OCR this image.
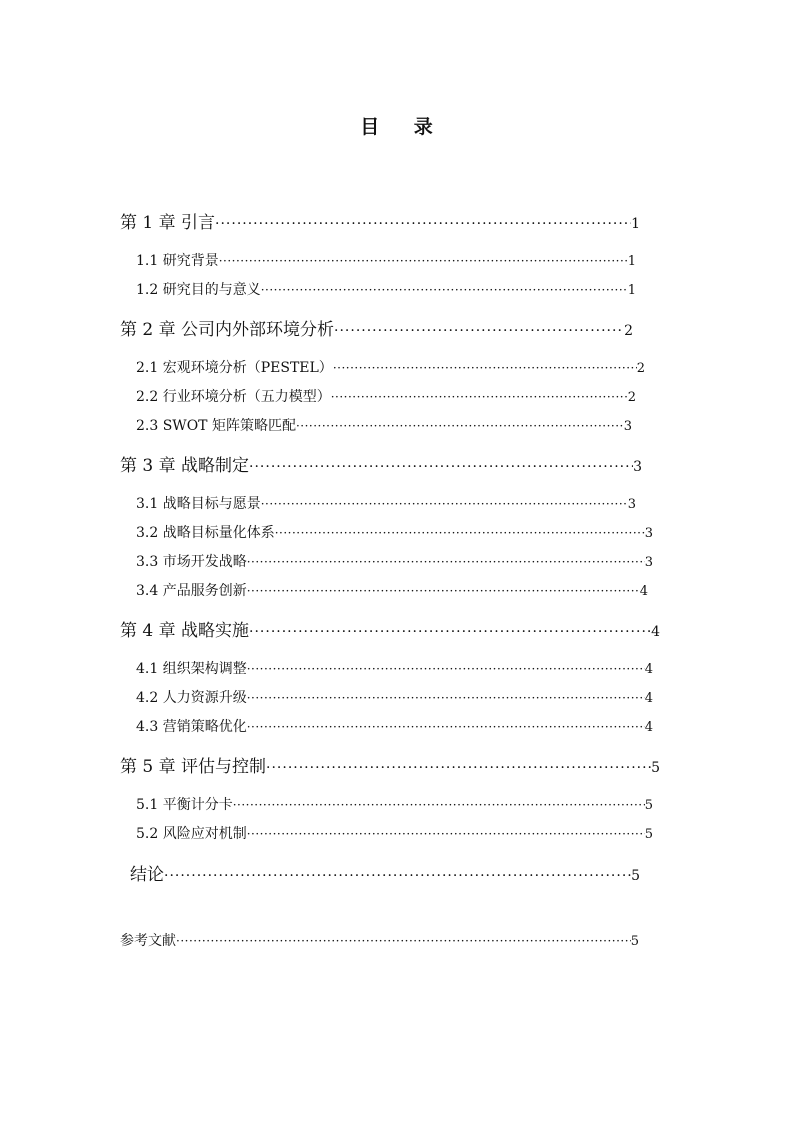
目 录
第 1 章 引言 ·····	1
1.1 研究背景 ·····	1
1.2 研究目的与意义 ·····	1
第 2 章 公司内外部环境分析 ·····	2
2.1 宏观环境分析（PESTEL） ·····	2
2.2 行业环境分析（五力模型） ·····	2
2.3 SWOT 矩阵策略匹配 ·····	3
第 3 章 战略制定 ·····	3
3.1 战略目标与愿景 ·····	3
3.2 战略目标量化体系 ·····	3
3.3 市场开发战略 ·····	3
3.4 产品服务创新 ·····	4
第 4 章 战略实施 ·····	4
4.1 组织架构调整 ·····	4
4.2 人力资源升级 ·····	4
4.3 营销策略优化 ·····	4
第 5 章 评估与控制 ·····	5
5.1 平衡计分卡 ·····	5
5.2 风险应对机制 ·····	5
结论 ·····	5
参考文献 ·····	5
